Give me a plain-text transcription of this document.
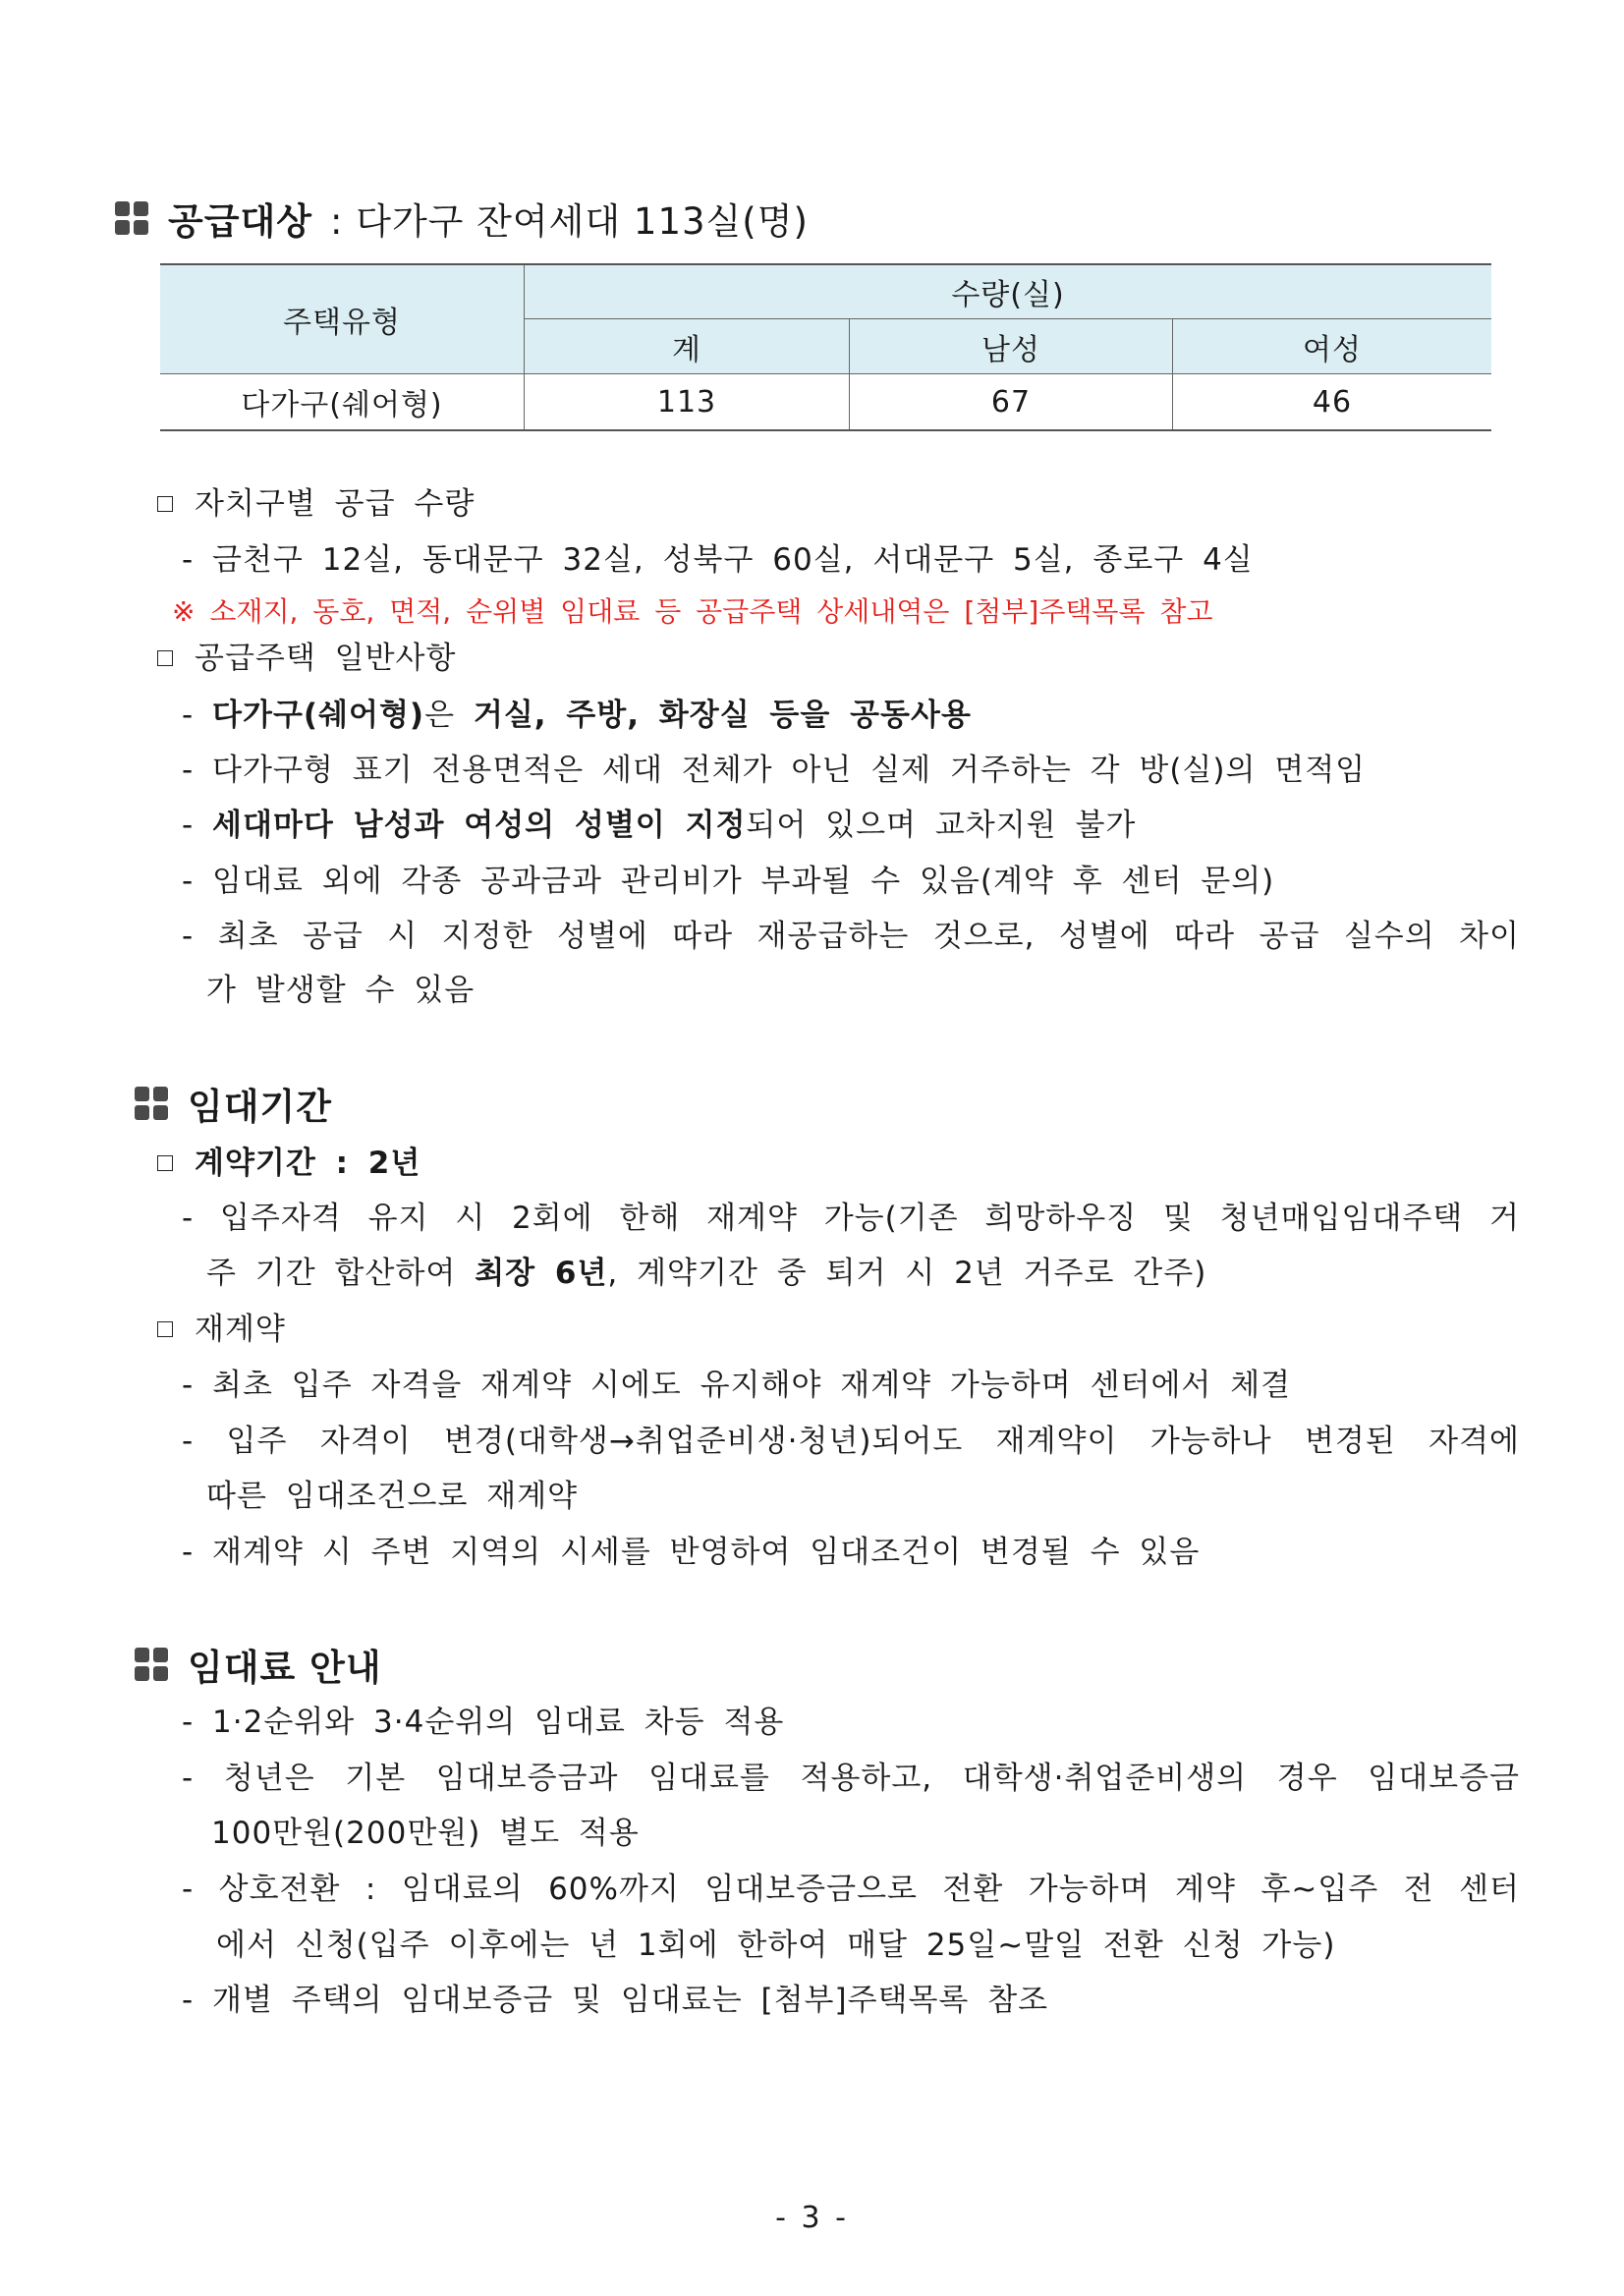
공급대상 : 다가구 잔여세대 113실(명)
주택유형	수량(실)		
	계	남성	여성
다가구(쉐어형)	113	67	46
자치구별 공급 수량
- 금천구 12실, 동대문구 32실, 성북구 60실, 서대문구 5실, 종로구 4실
※ 소재지, 동호, 면적, 순위별 임대료 등 공급주택 상세내역은 [첨부]주택목록 참고
공급주택 일반사항
- 다가구(쉐어형)은 거실, 주방, 화장실 등을 공동사용
- 다가구형 표기 전용면적은 세대 전체가 아닌 실제 거주하는 각 방(실)의 면적임
- 세대마다 남성과 여성의 성별이 지정되어 있으며 교차지원 불가
- 임대료 외에 각종 공과금과 관리비가 부과될 수 있음(계약 후 센터 문의)
- 최초 공급 시 지정한 성별에 따라 재공급하는 것으로, 성별에 따라 공급 실수의 차이
가 발생할 수 있음
임대기간
계약기간 : 2년
- 입주자격 유지 시 2회에 한해 재계약 가능(기존 희망하우징 및 청년매입임대주택 거
주 기간 합산하여 최장 6년, 계약기간 중 퇴거 시 2년 거주로 간주)
재계약
- 최초 입주 자격을 재계약 시에도 유지해야 재계약 가능하며 센터에서 체결
- 입주 자격이 변경(대학생→취업준비생·청년)되어도 재계약이 가능하나 변경된 자격에
따른 임대조건으로 재계약
- 재계약 시 주변 지역의 시세를 반영하여 임대조건이 변경될 수 있음
임대료 안내
- 1·2순위와 3·4순위의 임대료 차등 적용
- 청년은 기본 임대보증금과 임대료를 적용하고, 대학생·취업준비생의 경우 임대보증금
100만원(200만원) 별도 적용
- 상호전환 : 임대료의 60%까지 임대보증금으로 전환 가능하며 계약 후~입주 전 센터
에서 신청(입주 이후에는 년 1회에 한하여 매달 25일~말일 전환 신청 가능)
- 개별 주택의 임대보증금 및 임대료는 [첨부]주택목록 참조
- 3 -
